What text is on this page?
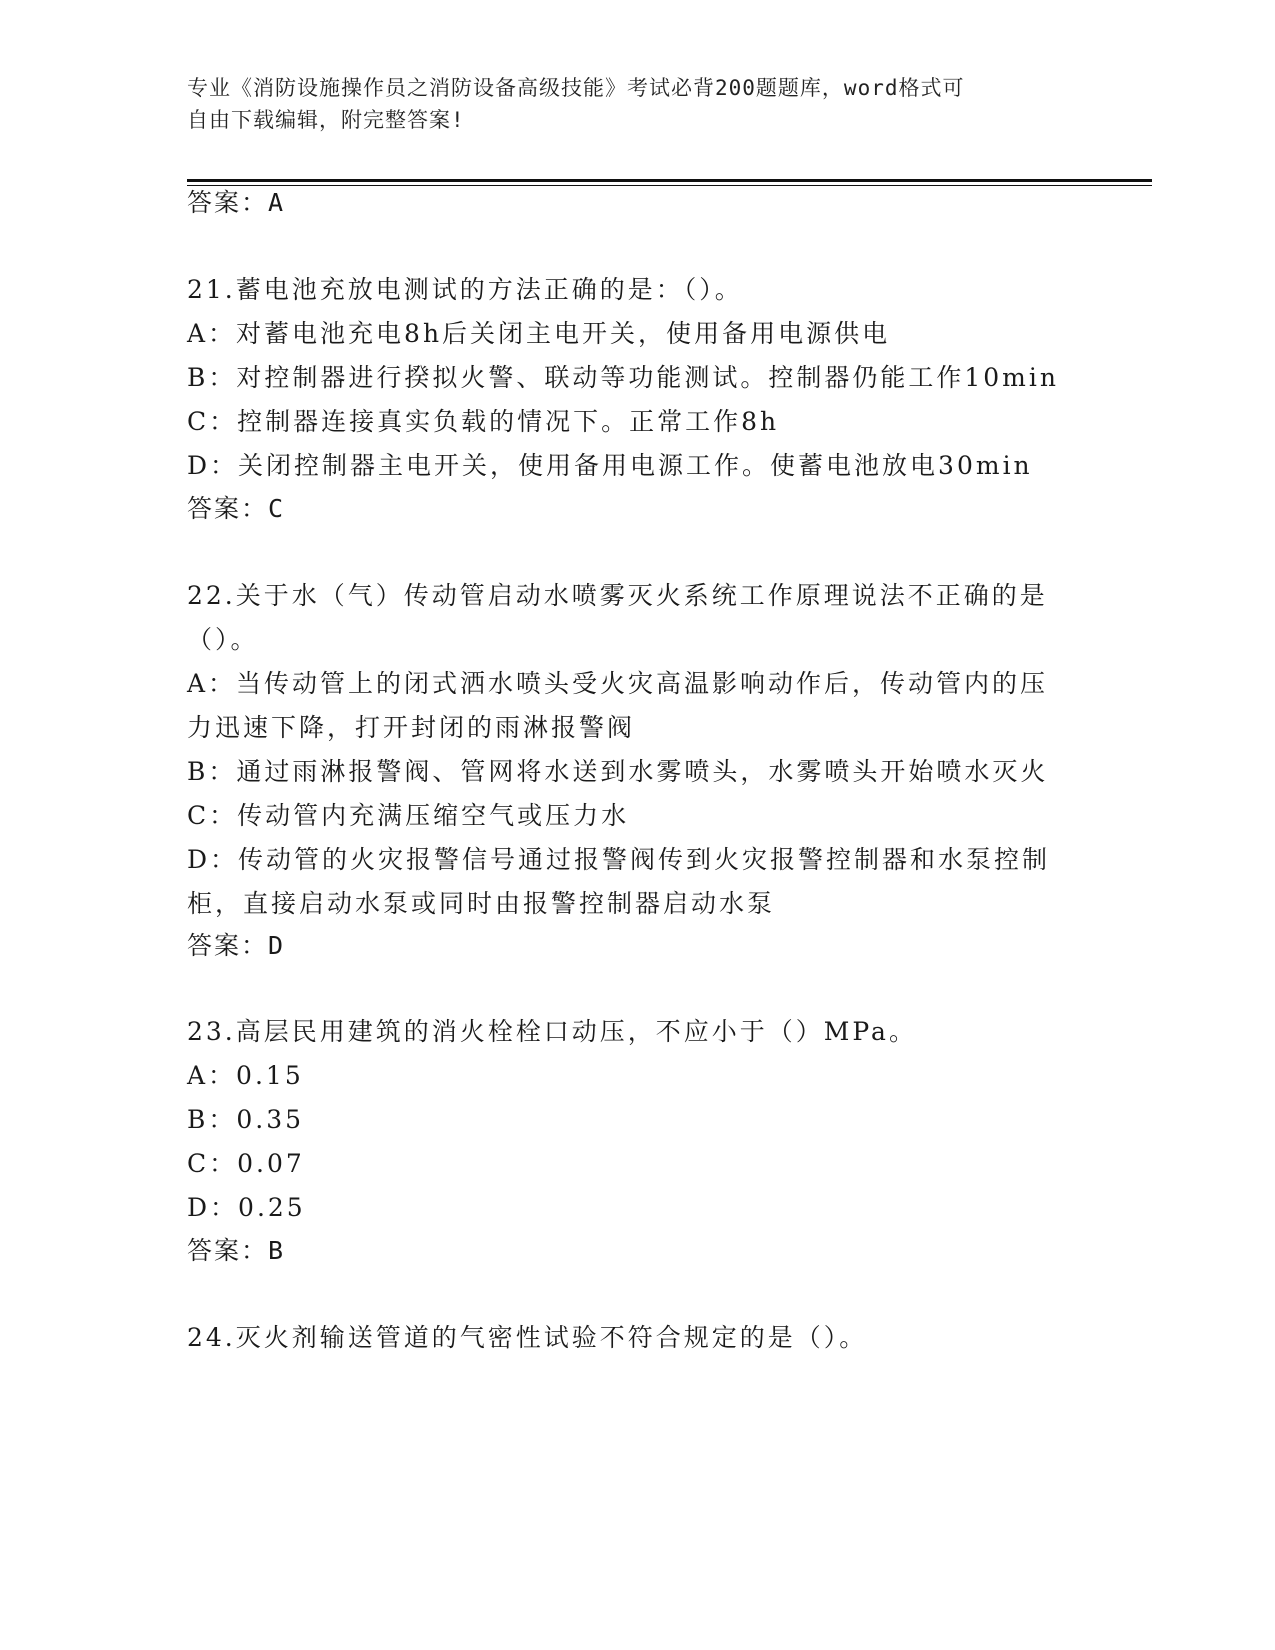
专业《消防设施操作员之消防设备高级技能》考试必背200题题库，word格式可
自由下载编辑，附完整答案!
答案：A
21.蓄电池充放电测试的方法正确的是：（）。
A：对蓄电池充电8h后关闭主电开关，使用备用电源供电
B：对控制器进行揆拟火警、联动等功能测试。控制器仍能工作10min
C：控制器连接真实负载的情况下。正常工作8h
D：关闭控制器主电开关，使用备用电源工作。使蓄电池放电30min
答案：C
22.关于水（气）传动管启动水喷雾灭火系统工作原理说法不正确的是
（）。
A：当传动管上的闭式洒水喷头受火灾高温影响动作后，传动管内的压
力迅速下降，打开封闭的雨淋报警阀
B：通过雨淋报警阀、管网将水送到水雾喷头，水雾喷头开始喷水灭火
C：传动管内充满压缩空气或压力水
D：传动管的火灾报警信号通过报警阀传到火灾报警控制器和水泵控制
柜，直接启动水泵或同时由报警控制器启动水泵
答案：D
23.高层民用建筑的消火栓栓口动压，不应小于（）MPa。
A：0.15
B：0.35
C：0.07
D：0.25
答案：B
24.灭火剂输送管道的气密性试验不符合规定的是（）。
